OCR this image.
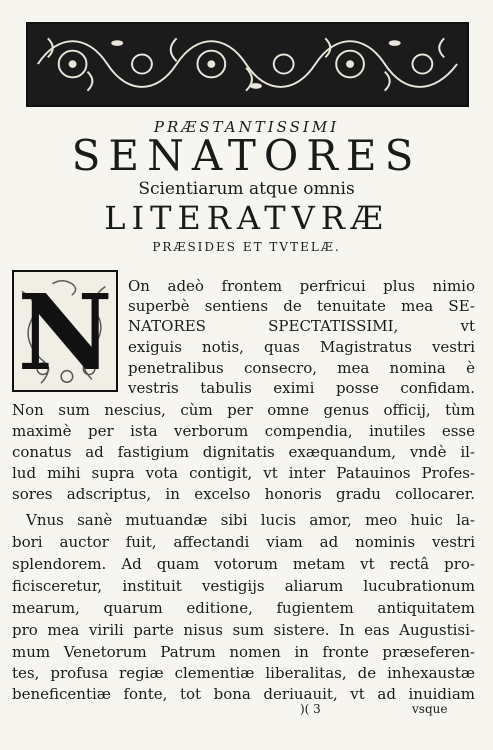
PRÆSTANTISSIMI
SENATORES
Scientiarum atque omnis
LITERATVRÆ
PRÆSIDES ET TVTELÆ.
N On adeò frontem perfricui plus nimio
superbè sentiens de tenuitate mea SE-
NATORES SPECTATISSIMI, vt
exiguis notis, quas Magistratus vestri
penetralibus consecro, mea nomina è
vestris tabulis eximi posse confidam.
Non sum nescius, cùm per omne genus officij, tùm
maximè per ista verborum compendia, inutiles esse
conatus ad fastigium dignitatis exæquandum, vndè il-
lud mihi supra vota contigit, vt inter Patauinos Profes-
sores adscriptus, in excelso honoris gradu collocarer.
Vnus sanè mutuandæ sibi lucis amor, meo huic la-
bori auctor fuit, affectandi viam ad nominis vestri
splendorem. Ad quam votorum metam vt rectâ pro-
ficisceretur, instituit vestigijs aliarum lucubrationum
mearum, quarum editione, fugientem antiquitatem
pro mea virili parte nisus sum sistere. In eas Augustisi-
mum Venetorum Patrum nomen in fronte præseferen-
tes, profusa regiæ clementiæ liberalitas, de inhexaustæ
beneficentiæ fonte, tot bona deriuauit, vt ad inuidiam
)( 3	vsque
